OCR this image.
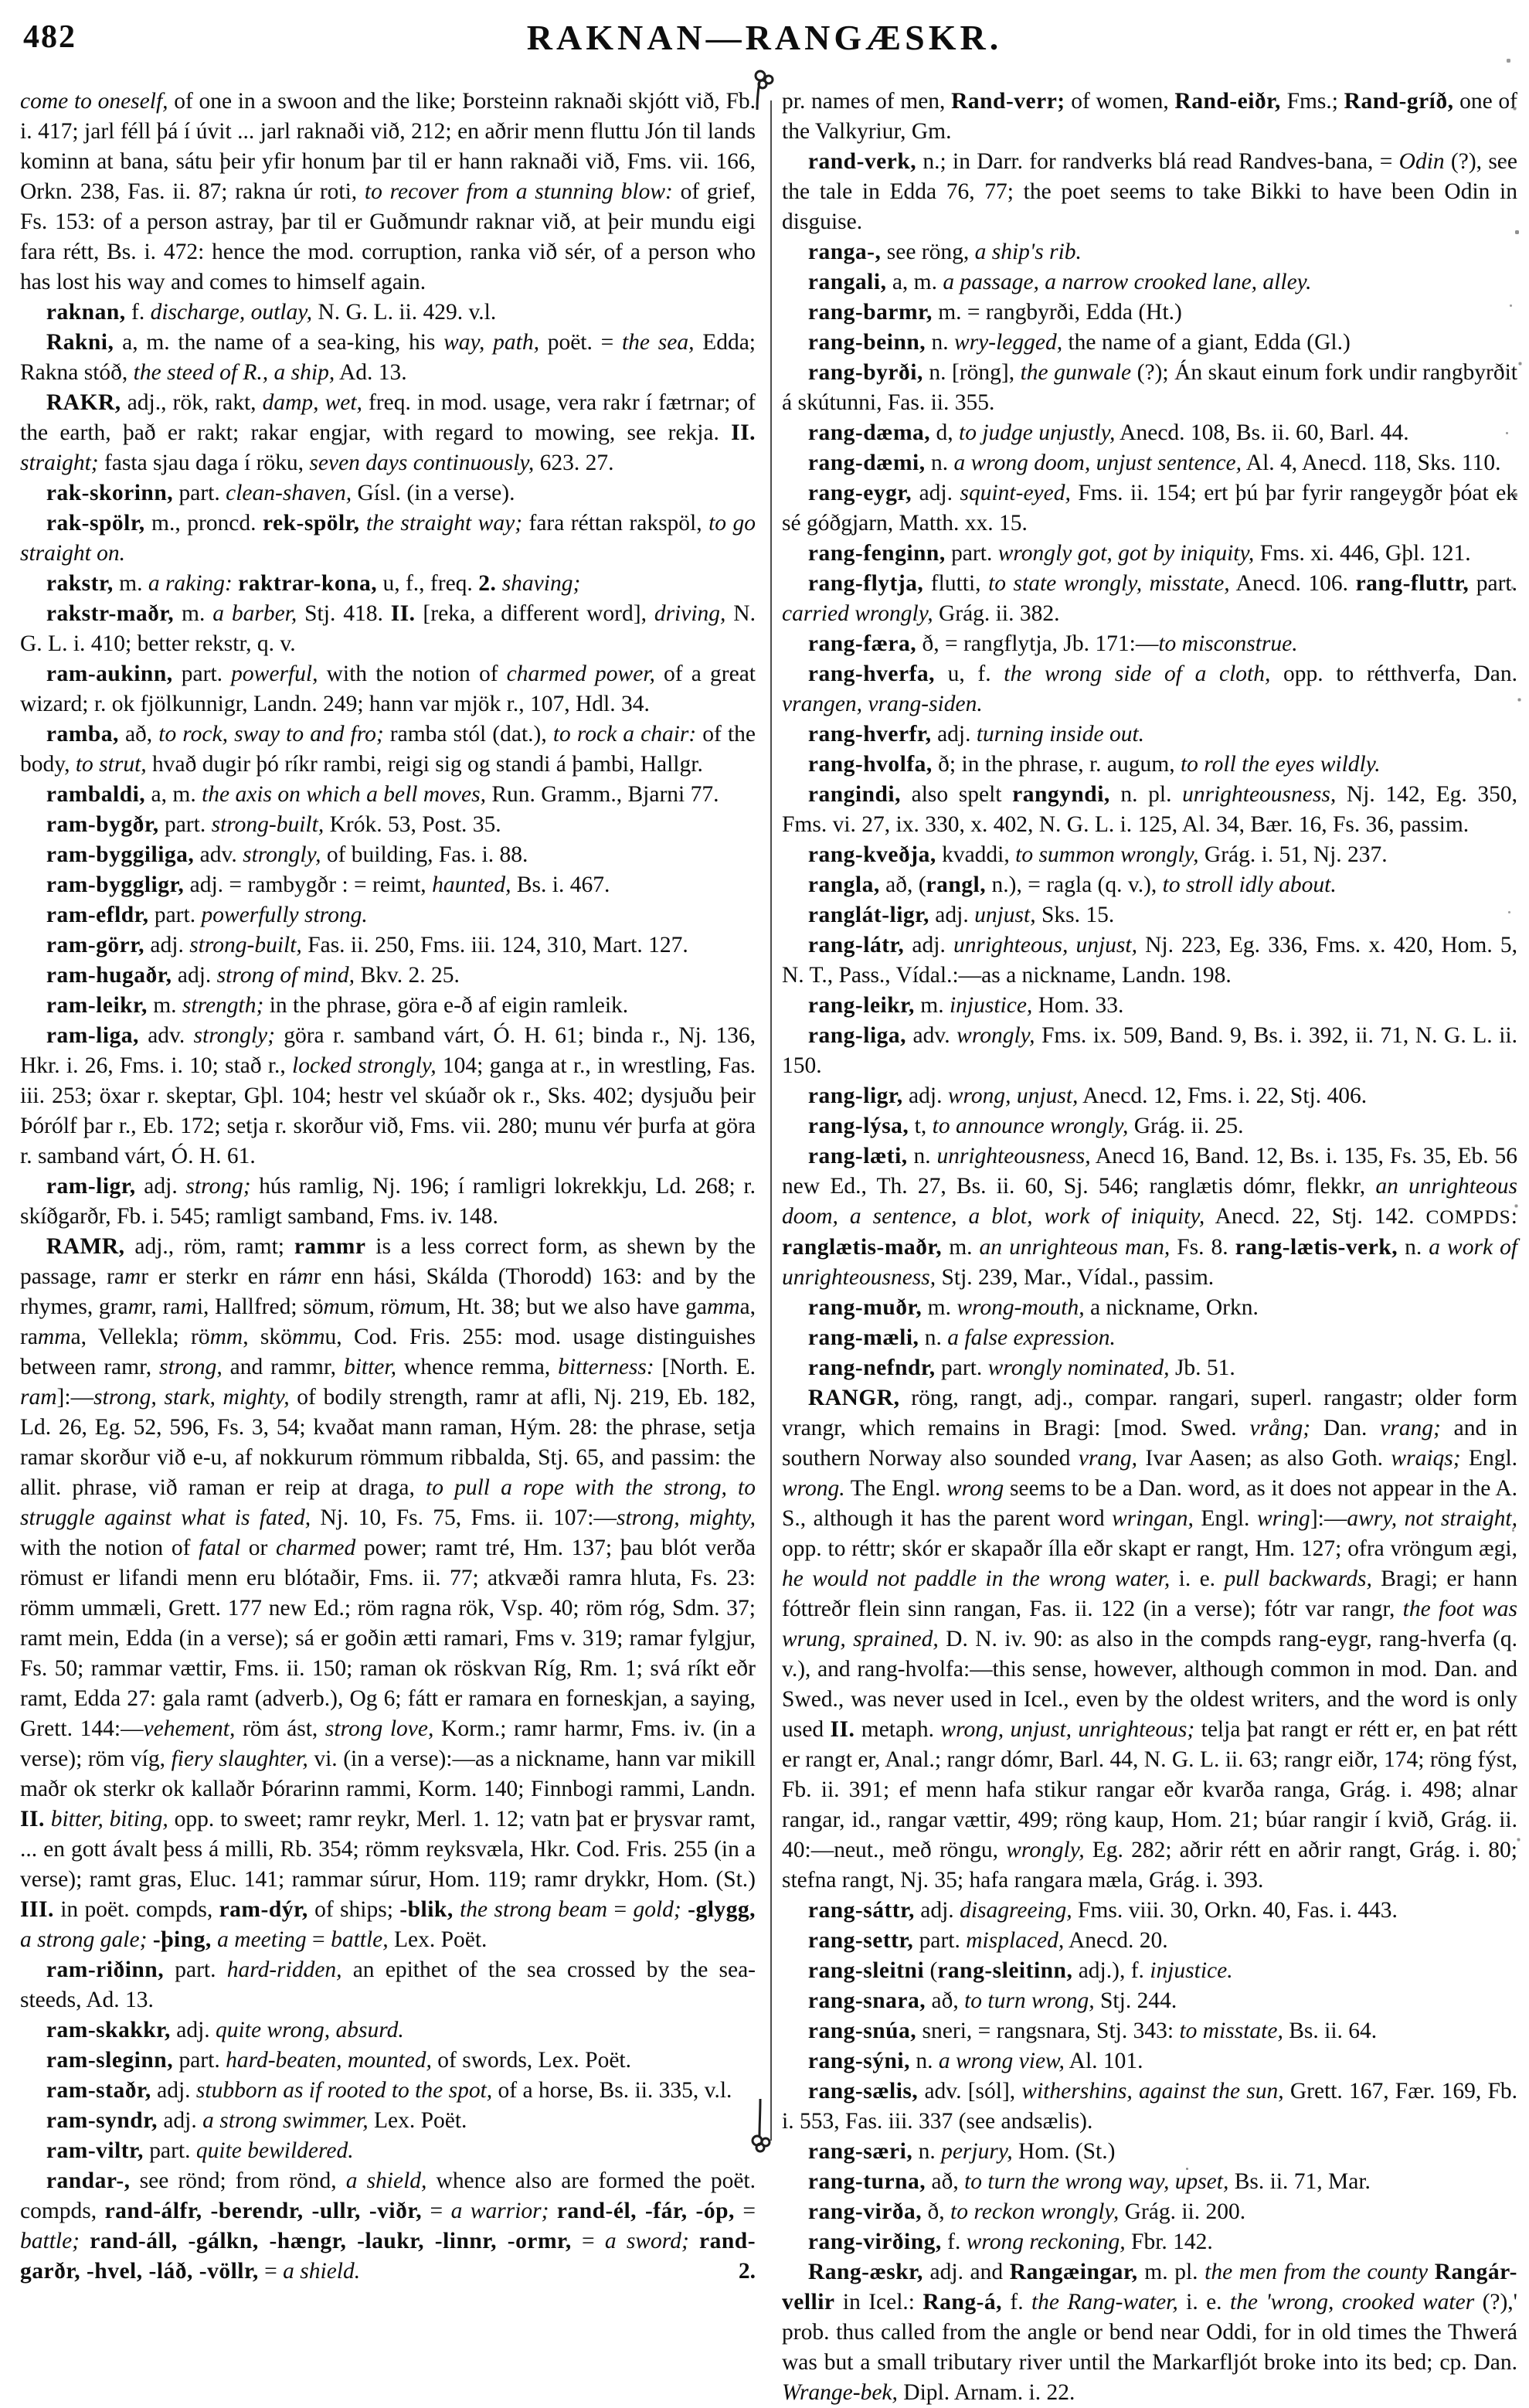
482	RAKNAN—RANGÆSKR.

come to oneself, of one in a swoon and the like; Þorsteinn raknaði skjótt við, Fb. i. 417; jarl féll þá í úvit ... jarl raknaði við, 212; en aðrir menn fluttu Jón til lands kominn at bana, sátu þeir yfir honum þar til er hann raknaði við, Fms. vii. 166, Orkn. 238, Fas. ii. 87; rakna úr roti, to recover from a stunning blow: of grief, Fs. 153: of a person astray, þar til er Guðmundr raknar við, at þeir mundu eigi fara rétt, Bs. i. 472: hence the mod. corruption, ranka við sér, of a person who has lost his way and comes to himself again.

raknan, f. discharge, outlay, N. G. L. ii. 429. v.l.

Rakni, a, m. the name of a sea-king, his way, path, poët. = the sea, Edda; Rakna stóð, the steed of R., a ship, Ad. 13.

RAKR, adj., rök, rakt, damp, wet, freq. in mod. usage, vera rakr í fætrnar; of the earth, það er rakt; rakar engjar, with regard to mowing, see rekja. II. straight; fasta sjau daga í röku, seven days continuously, 623. 27.

rak-skorinn, part. clean-shaven, Gísl. (in a verse).

rak-spölr, m., proncd. rek-spölr, the straight way; fara réttan rakspöl, to go straight on.

rakstr, m. a raking: raktrar-kona, u, f., freq. 2. shaving;

rakstr-maðr, m. a barber, Stj. 418. II. [reka, a different word], driving, N. G. L. i. 410; better rekstr, q. v.

ram-aukinn, part. powerful, with the notion of charmed power, of a great wizard; r. ok fjölkunnigr, Landn. 249; hann var mjök r., 107, Hdl. 34.

ramba, að, to rock, sway to and fro; ramba stól (dat.), to rock a chair: of the body, to strut, hvað dugir þó ríkr rambi, reigi sig og standi á þambi, Hallgr.

rambaldi, a, m. the axis on which a bell moves, Run. Gramm., Bjarni 77.

ram-bygðr, part. strong-built, Krók. 53, Post. 35.

ram-byggiliga, adv. strongly, of building, Fas. i. 88.

ram-byggligr, adj. = rambygðr : = reimt, haunted, Bs. i. 467.

ram-efldr, part. powerfully strong.

ram-görr, adj. strong-built, Fas. ii. 250, Fms. iii. 124, 310, Mart. 127.

ram-hugaðr, adj. strong of mind, Bkv. 2. 25.

ram-leikr, m. strength; in the phrase, göra e-ð af eigin ramleik.

ram-liga, adv. strongly; göra r. samband várt, Ó. H. 61; binda r., Nj. 136, Hkr. i. 26, Fms. i. 10; stað r., locked strongly, 104; ganga at r., in wrestling, Fas. iii. 253; öxar r. skeptar, Gþl. 104; hestr vel skúaðr ok r., Sks. 402; dysjuðu þeir Þórólf þar r., Eb. 172; setja r. skorður við, Fms. vii. 280; munu vér þurfa at göra r. samband várt, Ó. H. 61.

ram-ligr, adj. strong; hús ramlig, Nj. 196; í ramligri lokrekkju, Ld. 268; r. skíðgarðr, Fb. i. 545; ramligt samband, Fms. iv. 148.

RAMR, adj., röm, ramt; rammr is a less correct form, as shewn by the passage, ramr er sterkr en rámr enn hási, Skálda (Thorodd) 163: and by the rhymes, gramr, rami, Hallfred; sömum, römum, Ht. 38; but we also have gamma, ramma, Vellekla; römm, skömmu, Cod. Fris. 255: mod. usage distinguishes between ramr, strong, and rammr, bitter, whence remma, bitterness: [North. E. ram]:—strong, stark, mighty, of bodily strength, ramr at afli, Nj. 219, Eb. 182, Ld. 26, Eg. 52, 596, Fs. 3, 54; kvaðat mann raman, Hým. 28: the phrase, setja ramar skorður við e-u, af nokkurum römmum ribbalda, Stj. 65, and passim: the allit. phrase, við raman er reip at draga, to pull a rope with the strong, to struggle against what is fated, Nj. 10, Fs. 75, Fms. ii. 107:—strong, mighty, with the notion of fatal or charmed power; ramt tré, Hm. 137; þau blót verða römust er lifandi menn eru blótaðir, Fms. ii. 77; atkvæði ramra hluta, Fs. 23: römm ummæli, Grett. 177 new Ed.; röm ragna rök, Vsp. 40; röm róg, Sdm. 37; ramt mein, Edda (in a verse); sá er goðin ætti ramari, Fms v. 319; ramar fylgjur, Fs. 50; rammar vættir, Fms. ii. 150; raman ok röskvan Ríg, Rm. 1; svá ríkt eðr ramt, Edda 27: gala ramt (adverb.), Og 6; fátt er ramara en forneskjan, a saying, Grett. 144:—vehement, röm ást, strong love, Korm.; ramr harmr, Fms. iv. (in a verse); röm víg, fiery slaughter, vi. (in a verse):—as a nickname, hann var mikill maðr ok sterkr ok kallaðr Þórarinn rammi, Korm. 140; Finnbogi rammi, Landn. II. bitter, biting, opp. to sweet; ramr reykr, Merl. 1. 12; vatn þat er þrysvar ramt, ... en gott ávalt þess á milli, Rb. 354; römm reyksvæla, Hkr. Cod. Fris. 255 (in a verse); ramt gras, Eluc. 141; rammar súrur, Hom. 119; ramr drykkr, Hom. (St.) III. in poët. compds, ram-dýr, of ships; -blik, the strong beam = gold; -glygg, a strong gale; -þing, a meeting = battle, Lex. Poët.

ram-riðinn, part. hard-ridden, an epithet of the sea crossed by the sea-steeds, Ad. 13.

ram-skakkr, adj. quite wrong, absurd.

ram-sleginn, part. hard-beaten, mounted, of swords, Lex. Poët.

ram-staðr, adj. stubborn as if rooted to the spot, of a horse, Bs. ii. 335, v.l.

ram-syndr, adj. a strong swimmer, Lex. Poët.

ram-viltr, part. quite bewildered.

randar-, see rönd; from rönd, a shield, whence also are formed the poët. compds, rand-álfr, -berendr, -ullr, -viðr, = a warrior; rand-él, -fár, -óp, = battle; rand-áll, -gálkn, -hængr, -laukr, -linnr, -ormr, = a sword; rand-garðr, -hvel, -láð, -völlr, = a shield.	2.

pr. names of men, Rand-verr; of women, Rand-eiðr, Fms.; Rand-gríð, one of the Valkyriur, Gm.

rand-verk, n.; in Darr. for randverks blá read Randves-bana, = Odin (?), see the tale in Edda 76, 77; the poet seems to take Bikki to have been Odin in disguise.

ranga-, see röng, a ship's rib.

rangali, a, m. a passage, a narrow crooked lane, alley.

rang-barmr, m. = rangbyrði, Edda (Ht.)

rang-beinn, n. wry-legged, the name of a giant, Edda (Gl.)

rang-byrði, n. [röng], the gunwale (?); Án skaut einum fork undir rangbyrðit á skútunni, Fas. ii. 355.

rang-dæma, d, to judge unjustly, Anecd. 108, Bs. ii. 60, Barl. 44.

rang-dæmi, n. a wrong doom, unjust sentence, Al. 4, Anecd. 118, Sks. 110.

rang-eygr, adj. squint-eyed, Fms. ii. 154; ert þú þar fyrir rangeygðr þóat ek sé góðgjarn, Matth. xx. 15.

rang-fenginn, part. wrongly got, got by iniquity, Fms. xi. 446, Gþl. 121.

rang-flytja, flutti, to state wrongly, misstate, Anecd. 106. rang-fluttr, part. carried wrongly, Grág. ii. 382.

rang-færa, ð, = rangflytja, Jb. 171:—to misconstrue.

rang-hverfa, u, f. the wrong side of a cloth, opp. to rétthverfa, Dan. vrangen, vrang-siden.

rang-hverfr, adj. turning inside out.

rang-hvolfa, ð; in the phrase, r. augum, to roll the eyes wildly.

rangindi, also spelt rangyndi, n. pl. unrighteousness, Nj. 142, Eg. 350, Fms. vi. 27, ix. 330, x. 402, N. G. L. i. 125, Al. 34, Bær. 16, Fs. 36, passim.

rang-kveðja, kvaddi, to summon wrongly, Grág. i. 51, Nj. 237.

rangla, að, (rangl, n.), = ragla (q. v.), to stroll idly about.

ranglát-ligr, adj. unjust, Sks. 15.

rang-látr, adj. unrighteous, unjust, Nj. 223, Eg. 336, Fms. x. 420, Hom. 5, N. T., Pass., Vídal.:—as a nickname, Landn. 198.

rang-leikr, m. injustice, Hom. 33.

rang-liga, adv. wrongly, Fms. ix. 509, Band. 9, Bs. i. 392, ii. 71, N. G. L. ii. 150.

rang-ligr, adj. wrong, unjust, Anecd. 12, Fms. i. 22, Stj. 406.

rang-lýsa, t, to announce wrongly, Grág. ii. 25.

rang-læti, n. unrighteousness, Anecd 16, Band. 12, Bs. i. 135, Fs. 35, Eb. 56 new Ed., Th. 27, Bs. ii. 60, Sj. 546; ranglætis dómr, flekkr, an unrighteous doom, a sentence, a blot, work of iniquity, Anecd. 22, Stj. 142. COMPDS: ranglætis-maðr, m. an unrighteous man, Fs. 8. rang-lætis-verk, n. a work of unrighteousness, Stj. 239, Mar., Vídal., passim.

rang-muðr, m. wrong-mouth, a nickname, Orkn.

rang-mæli, n. a false expression.

rang-nefndr, part. wrongly nominated, Jb. 51.

RANGR, röng, rangt, adj., compar. rangari, superl. rangastr; older form vrangr, which remains in Bragi: [mod. Swed. vrång; Dan. vrang; and in southern Norway also sounded vrang, Ivar Aasen; as also Goth. wraiqs; Engl. wrong. The Engl. wrong seems to be a Dan. word, as it does not appear in the A. S., although it has the parent word wringan, Engl. wring]:—awry, not straight, opp. to réttr; skór er skapaðr ílla eðr skapt er rangt, Hm. 127; ofra vröngum ægi, he would not paddle in the wrong water, i. e. pull backwards, Bragi; er hann fóttreðr flein sinn rangan, Fas. ii. 122 (in a verse); fótr var rangr, the foot was wrung, sprained, D. N. iv. 90: as also in the compds rang-eygr, rang-hverfa (q. v.), and rang-hvolfa:—this sense, however, although common in mod. Dan. and Swed., was never used in Icel., even by the oldest writers, and the word is only used II. metaph. wrong, unjust, unrighteous; telja þat rangt er rétt er, en þat rétt er rangt er, Anal.; rangr dómr, Barl. 44, N. G. L. ii. 63; rangr eiðr, 174; röng fýst, Fb. ii. 391; ef menn hafa stikur rangar eðr kvarða ranga, Grág. i. 498; alnar rangar, id., rangar vættir, 499; röng kaup, Hom. 21; búar rangir í kvið, Grág. ii. 40:—neut., með röngu, wrongly, Eg. 282; aðrir rétt en aðrir rangt, Grág. i. 80; stefna rangt, Nj. 35; hafa rangara mæla, Grág. i. 393.

rang-sáttr, adj. disagreeing, Fms. viii. 30, Orkn. 40, Fas. i. 443.

rang-settr, part. misplaced, Anecd. 20.

rang-sleitni (rang-sleitinn, adj.), f. injustice.

rang-snara, að, to turn wrong, Stj. 244.

rang-snúa, sneri, = rangsnara, Stj. 343: to misstate, Bs. ii. 64.

rang-sýni, n. a wrong view, Al. 101.

rang-sælis, adv. [sól], withershins, against the sun, Grett. 167, Fær. 169, Fb. i. 553, Fas. iii. 337 (see andsælis).

rang-særi, n. perjury, Hom. (St.)

rang-turna, að, to turn the wrong way, upset, Bs. ii. 71, Mar.

rang-virða, ð, to reckon wrongly, Grág. ii. 200.

rang-virðing, f. wrong reckoning, Fbr. 142.

Rang-æskr, adj. and Rangæingar, m. pl. the men from the county Rangár-vellir in Icel.: Rang-á, f. the Rang-water, i. e. the 'wrong, crooked water (?),' prob. thus called from the angle or bend near Oddi, for in old times the Thwerá was but a small tributary river until the Markarfljót broke into its bed; cp. Dan. Wrange-bek, Dipl. Arnam. i. 22.
